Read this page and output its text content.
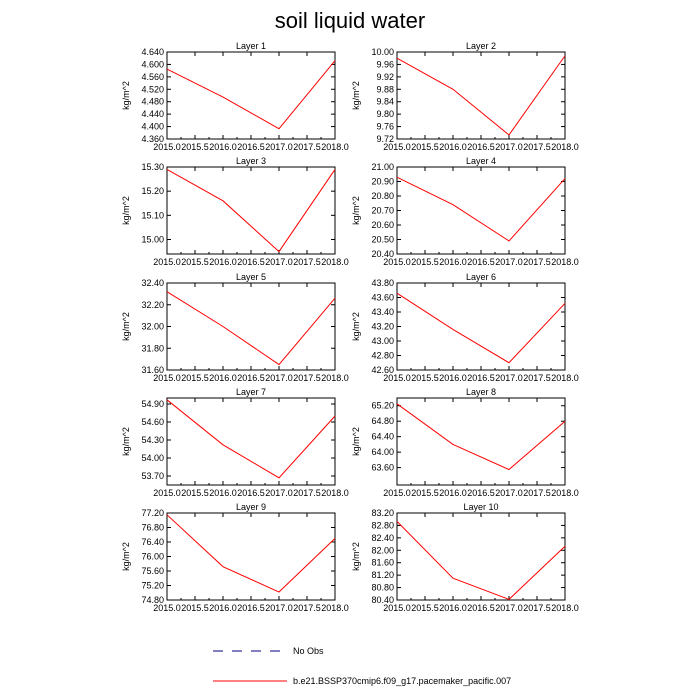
soil liquid water
Layer 1
kg/m^2
2015.0 2015.5 2016.0 2016.5 2017.0 2017.5 2018.0
4.360
4.400
4.440
4.480
4.520
4.560
4.600
4.640
Layer 2
kg/m^2
2015.0 2015.5 2016.0 2016.5 2017.0 2017.5 2018.0
9.72
9.76
9.80
9.84
9.88
9.92
9.96
10.00
Layer 3
kg/m^2
2015.0 2015.5 2016.0 2016.5 2017.0 2017.5 2018.0
15.00
15.10
15.20
15.30
Layer 4
kg/m^2
2015.0 2015.5 2016.0 2016.5 2017.0 2017.5 2018.0
20.40
20.50
20.60
20.70
20.80
20.90
21.00
Layer 5
kg/m^2
2015.0 2015.5 2016.0 2016.5 2017.0 2017.5 2018.0
31.60
31.80
32.00
32.20
32.40
Layer 6
kg/m^2
2015.0 2015.5 2016.0 2016.5 2017.0 2017.5 2018.0
42.60
42.80
43.00
43.20
43.40
43.60
43.80
Layer 7
kg/m^2
2015.0 2015.5 2016.0 2016.5 2017.0 2017.5 2018.0
53.70
54.00
54.30
54.60
54.90
Layer 8
kg/m^2
2015.0 2015.5 2016.0 2016.5 2017.0 2017.5 2018.0
63.60
64.00
64.40
64.80
65.20
Layer 9
kg/m^2
2015.0 2015.5 2016.0 2016.5 2017.0 2017.5 2018.0
74.80
75.20
75.60
76.00
76.40
76.80
77.20
Layer 10
kg/m^2
2015.0 2015.5 2016.0 2016.5 2017.0 2017.5 2018.0
80.40
80.80
81.20
81.60
82.00
82.40
82.80
83.20
No Obs
b.e21.BSSP370cmip6.f09_g17.pacemaker_pacific.007
